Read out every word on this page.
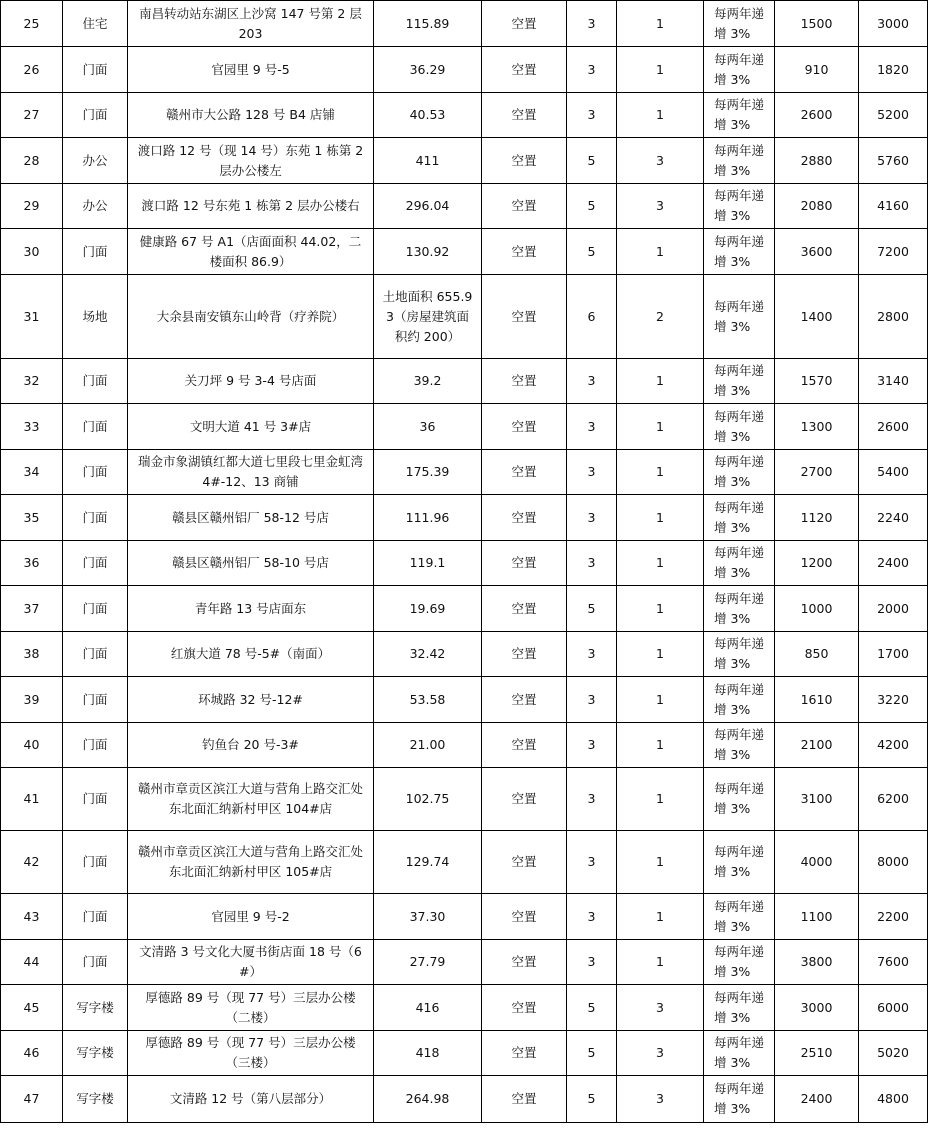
25	住宅	南昌转动站东湖区上沙窝 147 号第 2 层 203	115.89	空置	3	1	每两年递增 3%	1500	3000
26	门面	官园里 9 号-5	36.29	空置	3	1	每两年递增 3%	910	1820
27	门面	赣州市大公路 128 号 B4 店铺	40.53	空置	3	1	每两年递增 3%	2600	5200
28	办公	渡口路 12 号（现 14 号）东苑 1 栋第 2 层办公楼左	411	空置	5	3	每两年递增 3%	2880	5760
29	办公	渡口路 12 号东苑 1 栋第 2 层办公楼右	296.04	空置	5	3	每两年递增 3%	2080	4160
30	门面	健康路 67 号 A1（店面面积 44.02，二楼面积 86.9）	130.92	空置	5	1	每两年递增 3%	3600	7200
31	场地	大余县南安镇东山岭背（疗养院）	土地面积 655.93（房屋建筑面积约 200）	空置	6	2	每两年递增 3%	1400	2800
32	门面	关刀坪 9 号 3-4 号店面	39.2	空置	3	1	每两年递增 3%	1570	3140
33	门面	文明大道 41 号 3#店	36	空置	3	1	每两年递增 3%	1300	2600
34	门面	瑞金市象湖镇红都大道七里段七里金虹湾 4#-12、13 商铺	175.39	空置	3	1	每两年递增 3%	2700	5400
35	门面	赣县区赣州铝厂 58-12 号店	111.96	空置	3	1	每两年递增 3%	1120	2240
36	门面	赣县区赣州铝厂 58-10 号店	119.1	空置	3	1	每两年递增 3%	1200	2400
37	门面	青年路 13 号店面东	19.69	空置	5	1	每两年递增 3%	1000	2000
38	门面	红旗大道 78 号-5#（南面）	32.42	空置	3	1	每两年递增 3%	850	1700
39	门面	环城路 32 号-12#	53.58	空置	3	1	每两年递增 3%	1610	3220
40	门面	钓鱼台 20 号-3#	21.00	空置	3	1	每两年递增 3%	2100	4200
41	门面	赣州市章贡区滨江大道与营角上路交汇处东北面汇纳新村甲区 104#店	102.75	空置	3	1	每两年递增 3%	3100	6200
42	门面	赣州市章贡区滨江大道与营角上路交汇处东北面汇纳新村甲区 105#店	129.74	空置	3	1	每两年递增 3%	4000	8000
43	门面	官园里 9 号-2	37.30	空置	3	1	每两年递增 3%	1100	2200
44	门面	文清路 3 号文化大厦书街店面 18 号（6#）	27.79	空置	3	1	每两年递增 3%	3800	7600
45	写字楼	厚德路 89 号（现 77 号）三层办公楼（二楼）	416	空置	5	3	每两年递增 3%	3000	6000
46	写字楼	厚德路 89 号（现 77 号）三层办公楼（三楼）	418	空置	5	3	每两年递增 3%	2510	5020
47	写字楼	文清路 12 号（第八层部分）	264.98	空置	5	3	每两年递增 3%	2400	4800
